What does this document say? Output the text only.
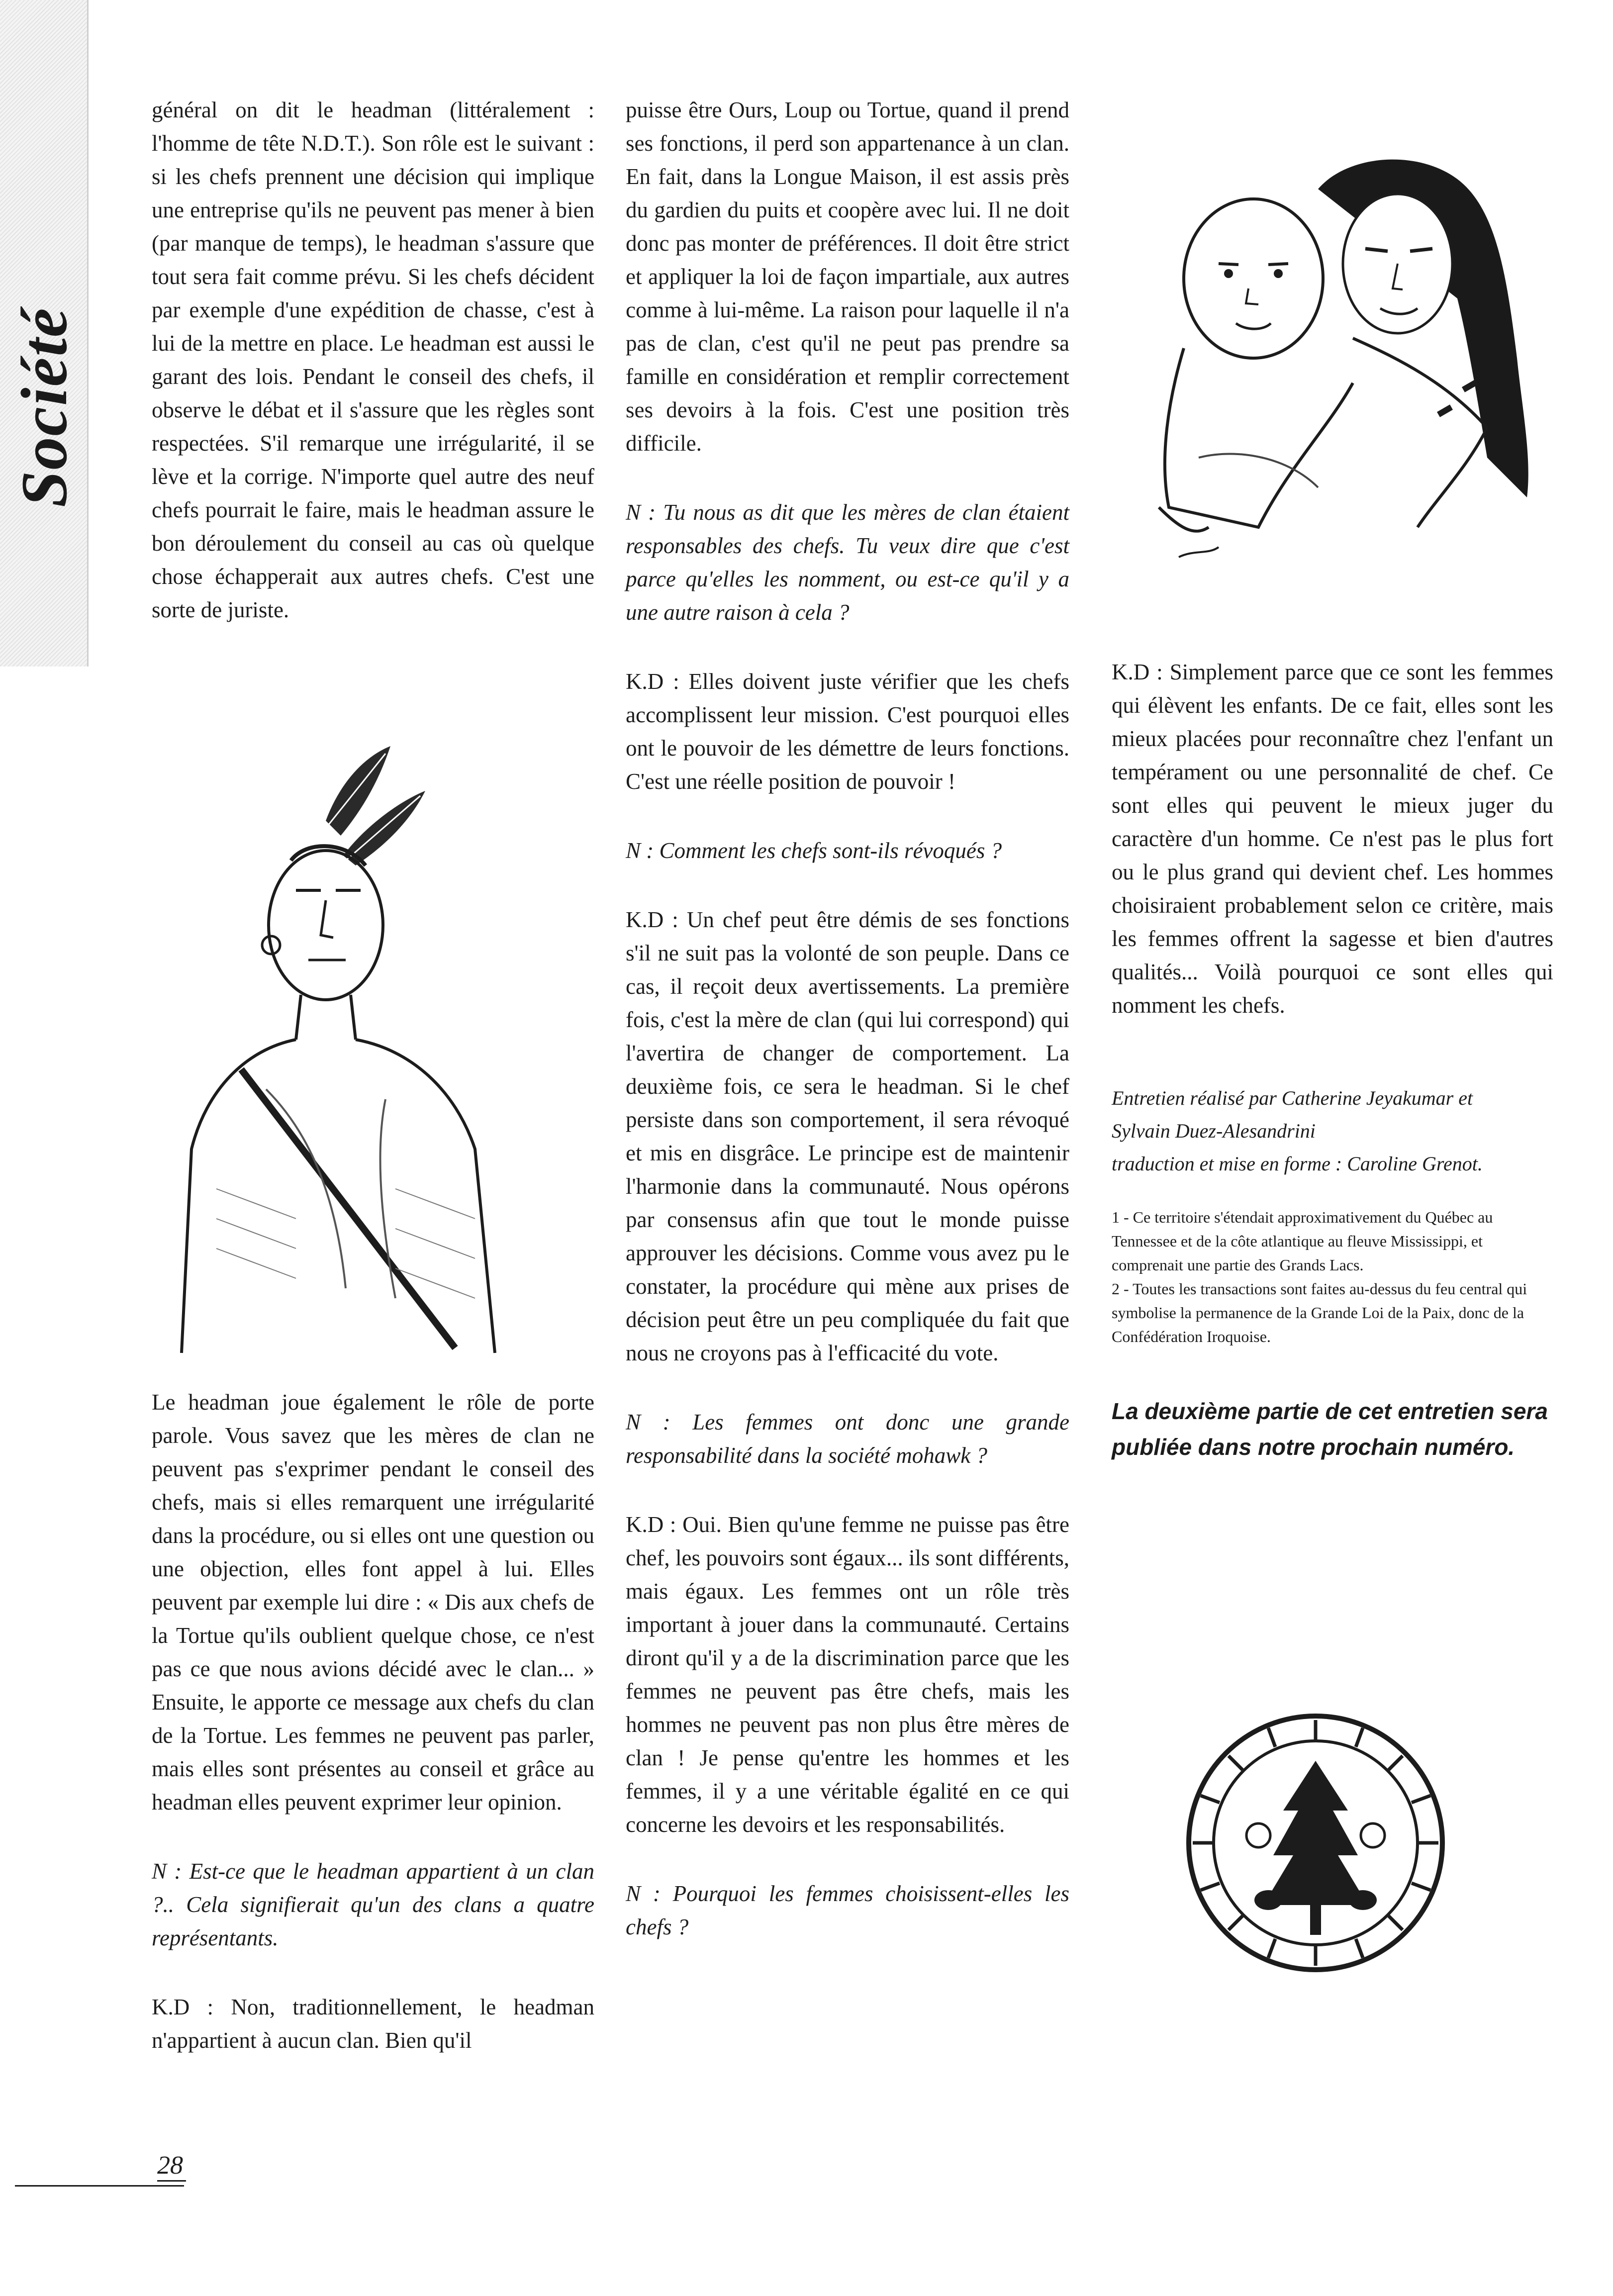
Société

général on dit le headman (littéralement : l'homme de tête N.D.T.). Son rôle est le suivant : si les chefs prennent une décision qui implique une entreprise qu'ils ne peuvent pas mener à bien (par manque de temps), le headman s'assure que tout sera fait comme prévu. Si les chefs décident par exemple d'une expédition de chasse, c'est à lui de la mettre en place. Le headman est aussi le garant des lois. Pendant le conseil des chefs, il observe le débat et il s'assure que les règles sont respectées. S'il remarque une irrégularité, il se lève et la corrige. N'importe quel autre des neuf chefs pourrait le faire, mais le headman assure le bon déroulement du conseil au cas où quelque chose échapperait aux autres chefs. C'est une sorte de juriste.

Le headman joue également le rôle de porte parole. Vous savez que les mères de clan ne peuvent pas s'exprimer pendant le conseil des chefs, mais si elles remarquent une irrégularité dans la procédure, ou si elles ont une question ou une objection, elles font appel à lui. Elles peuvent par exemple lui dire : « Dis aux chefs de la Tortue qu'ils oublient quelque chose, ce n'est pas ce que nous avions décidé avec le clan... » Ensuite, le apporte ce message aux chefs du clan de la Tortue. Les femmes ne peuvent pas parler, mais elles sont présentes au conseil et grâce au headman elles peuvent exprimer leur opinion.

N : Est-ce que le headman appartient à un clan ?.. Cela signifierait qu'un des clans a quatre représentants.

K.D : Non, traditionnellement, le headman n'appartient à aucun clan. Bien qu'il

puisse être Ours, Loup ou Tortue, quand il prend ses fonctions, il perd son appartenance à un clan. En fait, dans la Longue Maison, il est assis près du gardien du puits et coopère avec lui. Il ne doit donc pas monter de préférences. Il doit être strict et appliquer la loi de façon impartiale, aux autres comme à lui-même. La raison pour laquelle il n'a pas de clan, c'est qu'il ne peut pas prendre sa famille en considération et remplir correctement ses devoirs à la fois. C'est une position très difficile.

N : Tu nous as dit que les mères de clan étaient responsables des chefs. Tu veux dire que c'est parce qu'elles les nomment, ou est-ce qu'il y a une autre raison à cela ?

K.D : Elles doivent juste vérifier que les chefs accomplissent leur mission. C'est pourquoi elles ont le pouvoir de les démettre de leurs fonctions. C'est une réelle position de pouvoir !

N : Comment les chefs sont-ils révoqués ?

K.D : Un chef peut être démis de ses fonctions s'il ne suit pas la volonté de son peuple. Dans ce cas, il reçoit deux avertissements. La première fois, c'est la mère de clan (qui lui correspond) qui l'avertira de changer de comportement. La deuxième fois, ce sera le headman. Si le chef persiste dans son comportement, il sera révoqué et mis en disgrâce. Le principe est de maintenir l'harmonie dans la communauté. Nous opérons par consensus afin que tout le monde puisse approuver les décisions. Comme vous avez pu le constater, la procédure qui mène aux prises de décision peut être un peu compliquée du fait que nous ne croyons pas à l'efficacité du vote.

N : Les femmes ont donc une grande responsabilité dans la société mohawk ?

K.D : Oui. Bien qu'une femme ne puisse pas être chef, les pouvoirs sont égaux... ils sont différents, mais égaux. Les femmes ont un rôle très important à jouer dans la communauté. Certains diront qu'il y a de la discrimination parce que les femmes ne peuvent pas être chefs, mais les hommes ne peuvent pas non plus être mères de clan ! Je pense qu'entre les hommes et les femmes, il y a une véritable égalité en ce qui concerne les devoirs et les responsabilités.

N : Pourquoi les femmes choisissent-elles les chefs ?

K.D : Simplement parce que ce sont les femmes qui élèvent les enfants. De ce fait, elles sont les mieux placées pour reconnaître chez l'enfant un tempérament ou une personnalité de chef. Ce sont elles qui peuvent le mieux juger du caractère d'un homme. Ce n'est pas le plus fort ou le plus grand qui devient chef. Les hommes choisiraient probablement selon ce critère, mais les femmes offrent la sagesse et bien d'autres qualités... Voilà pourquoi ce sont elles qui nomment les chefs.

Entretien réalisé par Catherine Jeyakumar et
Sylvain Duez-Alesandrini
traduction et mise en forme : Caroline Grenot.
1 - Ce territoire s'étendait approximativement du Québec au Tennessee et de la côte atlantique au fleuve Mississippi, et comprenait une partie des Grands Lacs.
2 - Toutes les transactions sont faites au-dessus du feu central qui symbolise la permanence de la Grande Loi de la Paix, donc de la Confédération Iroquoise.
La deuxième partie de cet entretien sera publiée dans notre prochain numéro.
28
